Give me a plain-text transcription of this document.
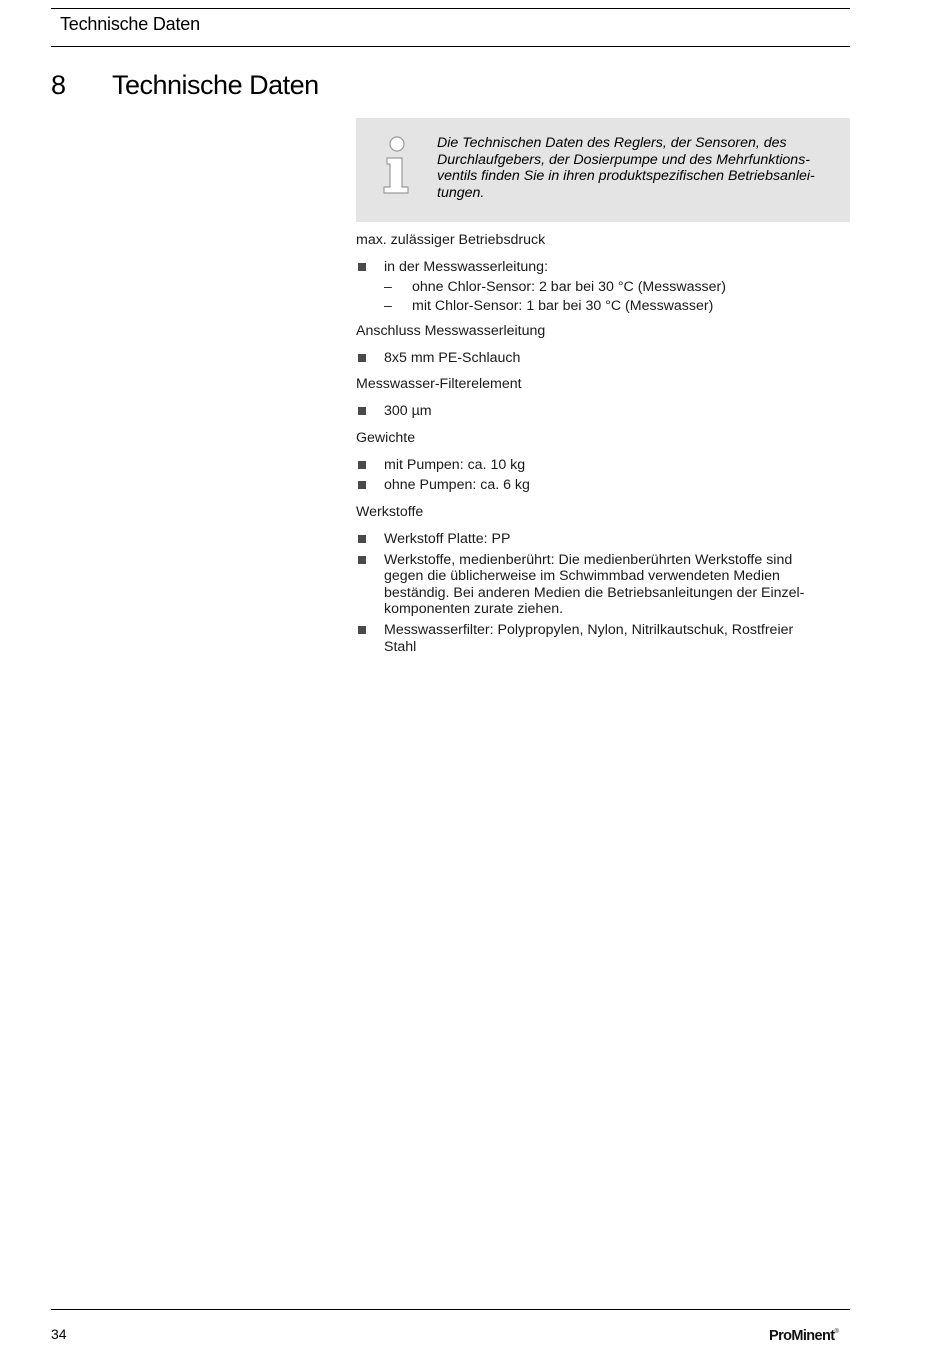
Technische Daten
8 Technische Daten
Die Technischen Daten des Reglers, der Sensoren, des
Durchlaufgebers, der Dosierpumpe und des Mehrfunktions-
ventils finden Sie in ihren produktspezifischen Betriebsanlei-
tungen.

max. zulässiger Betriebsdruck

in der Messwasserleitung:
– ohne Chlor-Sensor: 2 bar bei 30 °C (Messwasser)
– mit Chlor-Sensor: 1 bar bei 30 °C (Messwasser)

Anschluss Messwasserleitung

8x5 mm PE-Schlauch

Messwasser-Filterelement

300 µm

Gewichte

mit Pumpen: ca. 10 kg
ohne Pumpen: ca. 6 kg

Werkstoffe

Werkstoff Platte: PP
Werkstoffe, medienberührt: Die medienberührten Werkstoffe sind
gegen die üblicherweise im Schwimmbad verwendeten Medien
beständig. Bei anderen Medien die Betriebsanleitungen der Einzel-
komponenten zurate ziehen.
Messwasserfilter: Polypropylen, Nylon, Nitrilkautschuk, Rostfreier
Stahl
34	ProMinent®
